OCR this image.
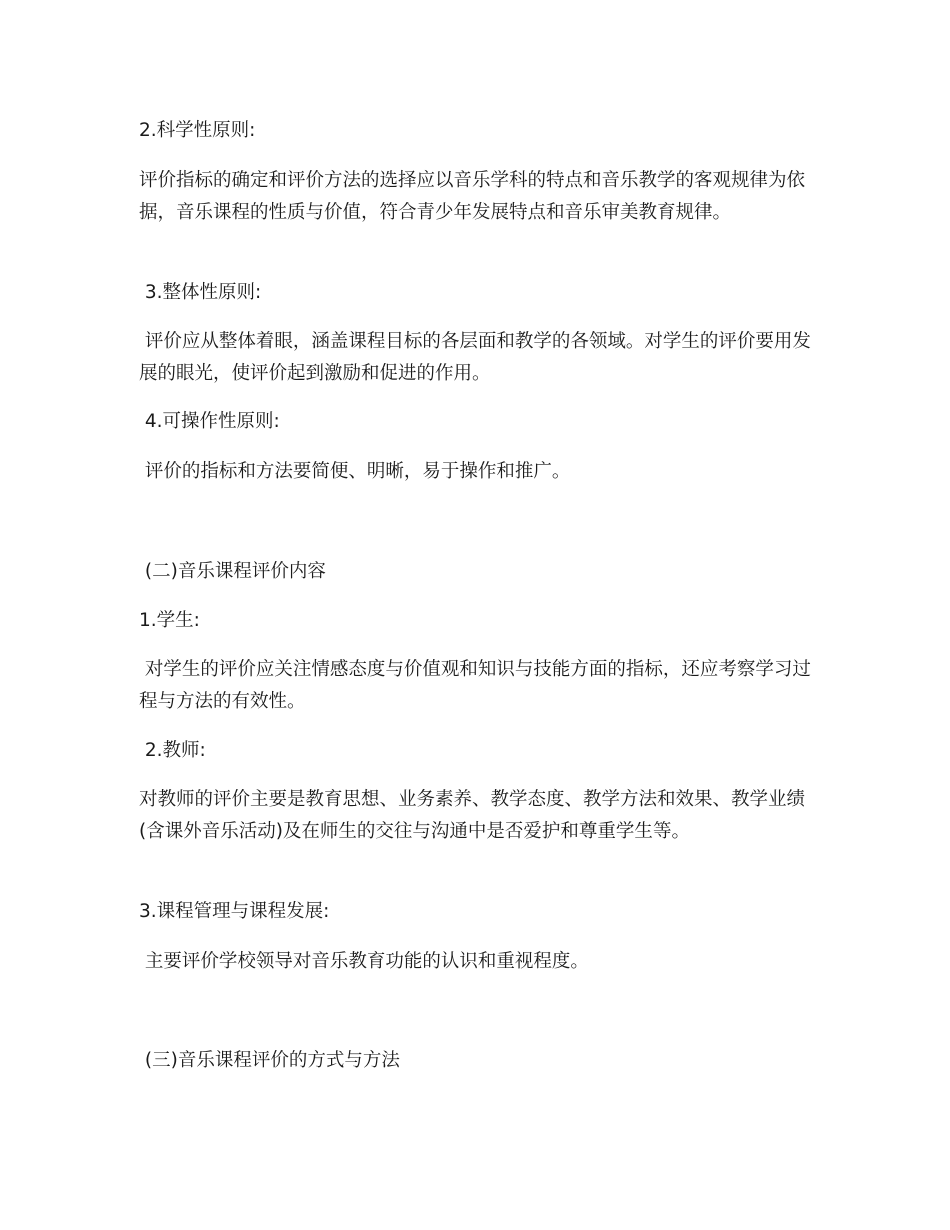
2.科学性原则:

评价指标的确定和评价方法的选择应以音乐学科的特点和音乐教学的客观规律为依据，音乐课程的性质与价值，符合青少年发展特点和音乐审美教育规律。

3.整体性原则:

评价应从整体着眼，涵盖课程目标的各层面和教学的各领域。对学生的评价要用发展的眼光，使评价起到激励和促进的作用。

4.可操作性原则:

评价的指标和方法要简便、明晰，易于操作和推广。

(二)音乐课程评价内容

1.学生:

对学生的评价应关注情感态度与价值观和知识与技能方面的指标，还应考察学习过程与方法的有效性。

2.教师:

对教师的评价主要是教育思想、业务素养、教学态度、教学方法和效果、教学业绩(含课外音乐活动)及在师生的交往与沟通中是否爱护和尊重学生等。

3.课程管理与课程发展:

主要评价学校领导对音乐教育功能的认识和重视程度。

(三)音乐课程评价的方式与方法
